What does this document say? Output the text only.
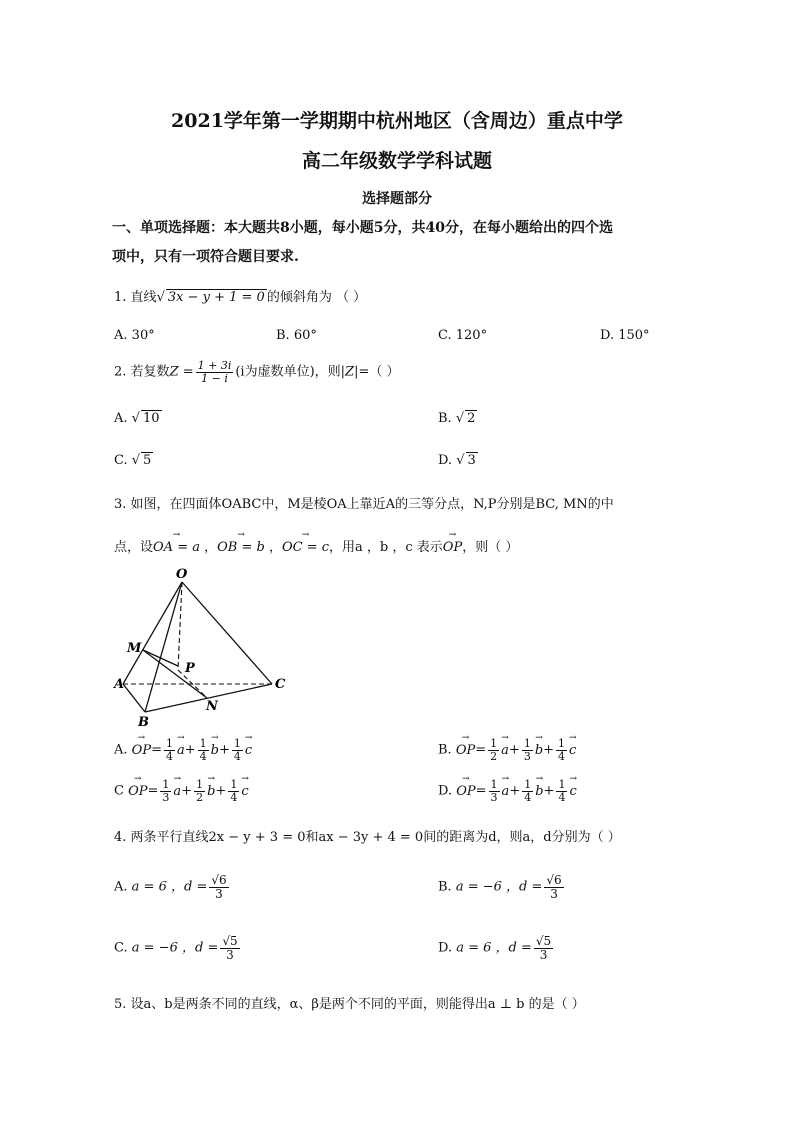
2021学年第一学期期中杭州地区（含周边）重点中学
高二年级数学学科试题
选择题部分
一、单项选择题：本大题共8小题，每小题5分，共40分，在每小题给出的四个选
项中，只有一项符合题目要求.
1. 直线√ 3x − y + 1 = 0 的倾斜角为 （ ）
A. 30°	B. 60°	C. 120°	D. 150°
2. 若复数$Z = \frac{1 + 3i}{1 - i} (i$为虚数单位)，则|Z|=（ ）
A. √ 10	B. √ 2
C. √ 5	D. √ 3
3. 如图，在四面体OABC中，M是棱OA上靠近A的三等分点，N,P分别是BC, MN的中
点，设→ OA = a ，→ OB = b ，→ OC = c，用a ，b ，c 表示→ OP，则（ ）
O
M
P
A
B
N
C
A. → $OP= \frac{1}{4}$
→ $a+ \frac{1}{4}$
→ $b+ \frac{1}{4}$
→ c	B. → $OP= \frac{1}{2}$
→ $a+ \frac{1}{3}$
→ $b+ \frac{1}{4}$
→ c
$C \to OP= \frac{1}{3}$
→ $a+ \frac{1}{2}$
→ $b+ \frac{1}{4}$
→ c	D. → $OP= \frac{1}{3}$
→ $a+ \frac{1}{4}$
→ $b+ \frac{1}{4}$
→ c
4. 两条平行直线2x − y + 3 = 0和ax − 3y + 4 = 0间的距离为d，则a，d分别为（ ）
A. a = 6 ，$d = \frac{√6}{3}$	B. a = −6 ，$d = \frac{√6}{3}$
C. a = −6 ，$d = \frac{√5}{3}$	D. a = 6 ，$d = \frac{√5}{3}$
5. 设a、b是两条不同的直线，α、β是两个不同的平面，则能得出a ⊥ b 的是（ ）
